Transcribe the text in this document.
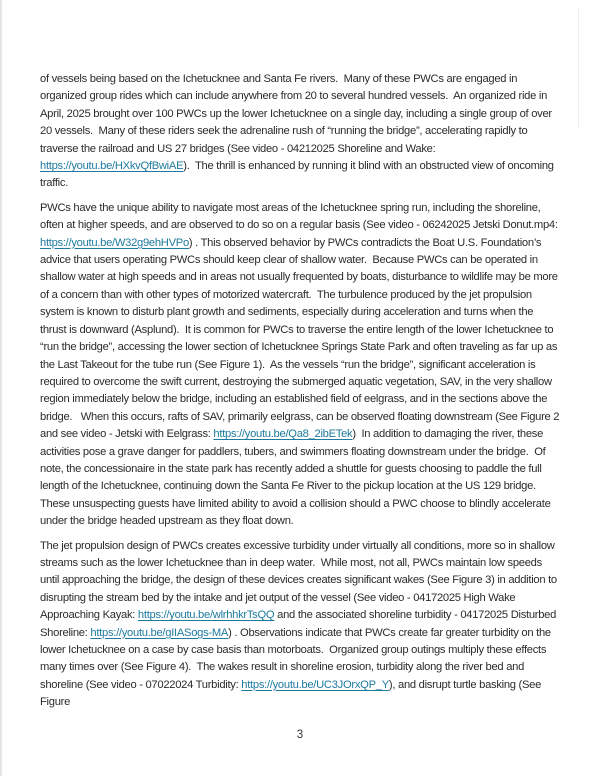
of vessels being based on the Ichetucknee and Santa Fe rivers.  Many of these PWCs are engaged in organized group rides which can include anywhere from 20 to several hundred vessels.  An organized ride in April, 2025 brought over 100 PWCs up the lower Ichetucknee on a single day, including a single group of over 20 vessels.  Many of these riders seek the adrenaline rush of “running the bridge”, accelerating rapidly to traverse the railroad and US 27 bridges (See video - 04212025 Shoreline and Wake: https://youtu.be/HXkvQfBwiAE).  The thrill is enhanced by running it blind with an obstructed view of oncoming traffic.

PWCs have the unique ability to navigate most areas of the Ichetucknee spring run, including the shoreline, often at higher speeds, and are observed to do so on a regular basis (See video - 06242025 Jetski Donut.mp4: https://youtu.be/W32g9ehHVPo) . This observed behavior by PWCs contradicts the Boat U.S. Foundation’s advice that users operating PWCs should keep clear of shallow water.  Because PWCs can be operated in shallow water at high speeds and in areas not usually frequented by boats, disturbance to wildlife may be more of a concern than with other types of motorized watercraft.  The turbulence produced by the jet propulsion system is known to disturb plant growth and sediments, especially during acceleration and turns when the thrust is downward (Asplund).  It is common for PWCs to traverse the entire length of the lower Ichetucknee to “run the bridge”, accessing the lower section of Ichetucknee Springs State Park and often traveling as far up as the Last Takeout for the tube run (See Figure 1).  As the vessels “run the bridge”, significant acceleration is required to overcome the swift current, destroying the submerged aquatic vegetation, SAV, in the very shallow region immediately below the bridge, including an established field of eelgrass, and in the sections above the bridge.   When this occurs, rafts of SAV, primarily eelgrass, can be observed floating downstream (See Figure 2 and see video - Jetski with Eelgrass: https://youtu.be/Qa8_2ibETek)  In addition to damaging the river, these activities pose a grave danger for paddlers, tubers, and swimmers floating downstream under the bridge.  Of note, the concessionaire in the state park has recently added a shuttle for guests choosing to paddle the full length of the Ichetucknee, continuing down the Santa Fe River to the pickup location at the US 129 bridge.  These unsuspecting guests have limited ability to avoid a collision should a PWC choose to blindly accelerate under the bridge headed upstream as they float down.

The jet propulsion design of PWCs creates excessive turbidity under virtually all conditions, more so in shallow streams such as the lower Ichetucknee than in deep water.  While most, not all, PWCs maintain low speeds until approaching the bridge, the design of these devices creates significant wakes (See Figure 3) in addition to disrupting the stream bed by the intake and jet output of the vessel (See video - 04172025 High Wake Approaching Kayak: https://youtu.be/wlrhhkrTsQQ and the associated shoreline turbidity - 04172025 Disturbed Shoreline: https://youtu.be/gIIASogs-MA) . Observations indicate that PWCs create far greater turbidity on the lower Ichetucknee on a case by case basis than motorboats.  Organized group outings multiply these effects many times over (See Figure 4).  The wakes result in shoreline erosion, turbidity along the river bed and shoreline (See video - 07022024 Turbidity: https://youtu.be/UC3JOrxQP_Y), and disrupt turtle basking (See Figure

3
